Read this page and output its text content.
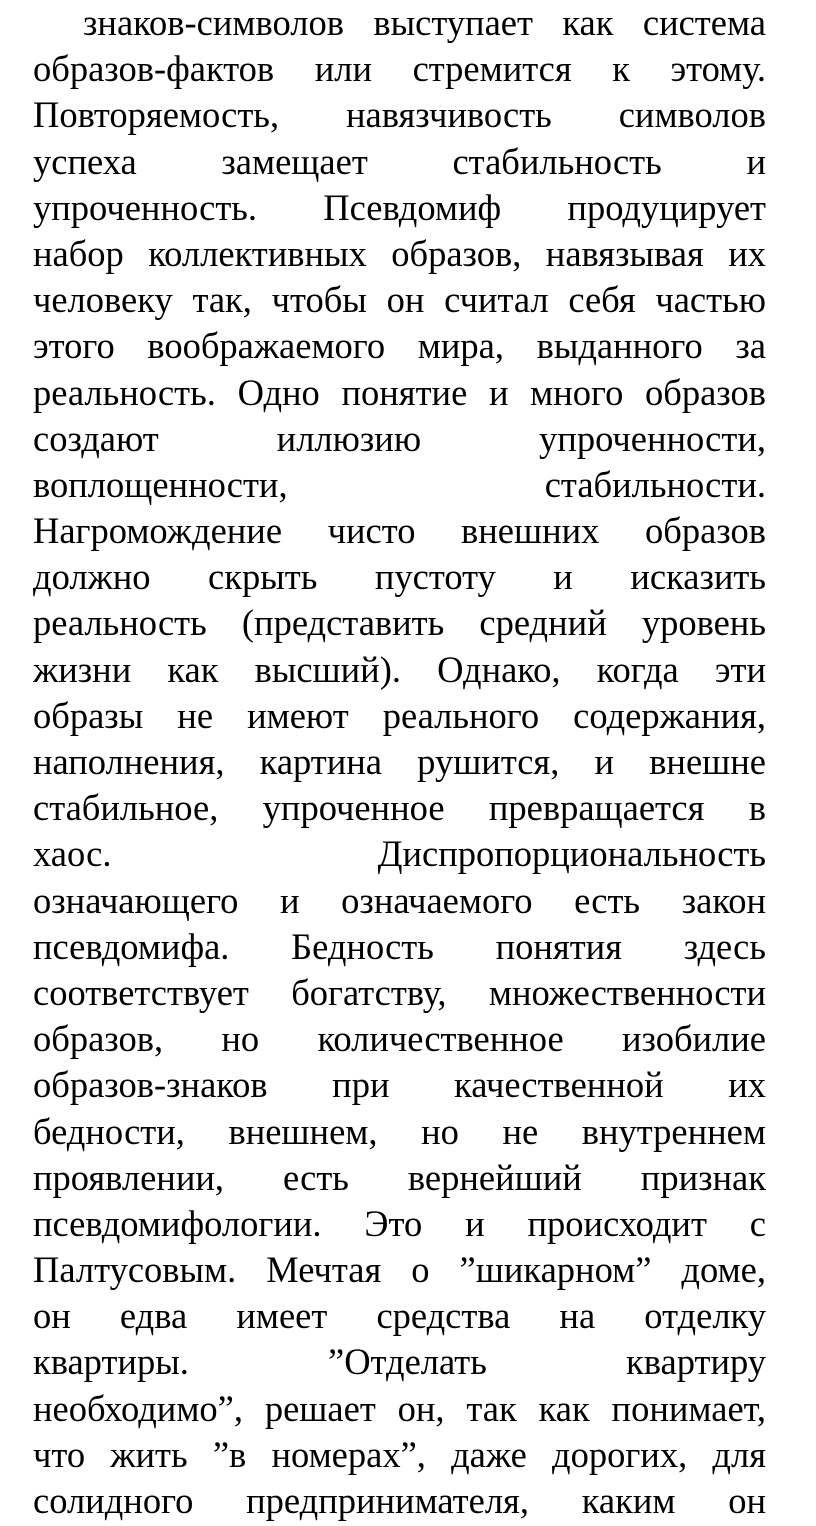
знаков-символов выступает как система
образов-фактов или стремится к этому.
Повторяемость, навязчивость символов
успеха замещает стабильность и
упроченность. Псевдомиф продуцирует
набор коллективных образов, навязывая их
человеку так, чтобы он считал себя частью
этого воображаемого мира, выданного за
реальность. Одно понятие и много образов
создают иллюзию упроченности,
воплощенности, стабильности.
Нагромождение чисто внешних образов
должно скрыть пустоту и исказить
реальность (представить средний уровень
жизни как высший). Однако, когда эти
образы не имеют реального содержания,
наполнения, картина рушится, и внешне
стабильное, упроченное превращается в
хаос. Диспропорциональность
означающего и означаемого есть закон
псевдомифа. Бедность понятия здесь
соответствует богатству, множественности
образов, но количественное изобилие
образов-знаков при качественной их
бедности, внешнем, но не внутреннем
проявлении, есть вернейший признак
псевдомифологии. Это и происходит с
Палтусовым. Мечтая о ”шикарном” доме,
он едва имеет средства на отделку
квартиры. ”Отделать квартиру
необходимо”, решает он, так как понимает,
что жить ”в номерах”, даже дорогих, для
солидного предпринимателя, каким он
